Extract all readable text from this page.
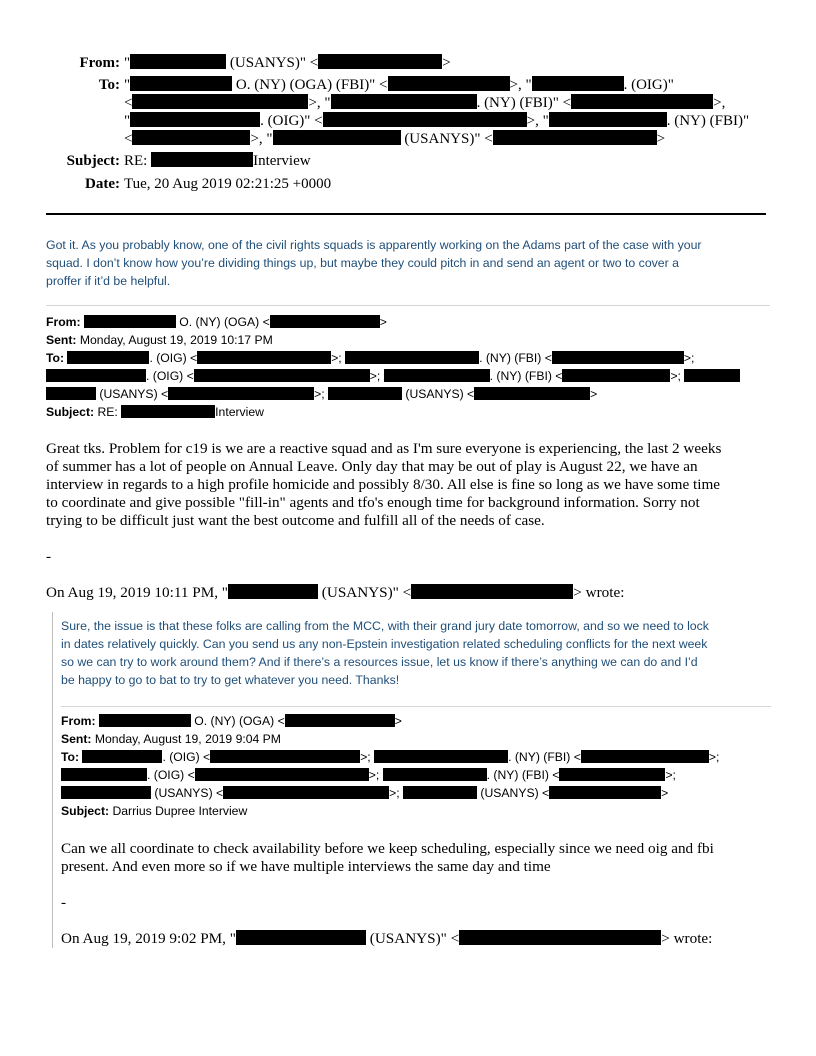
From: "	(USANYS)" <	>
To: "	O. (NY) (OGA) (FBI)" <	>, "	. (OIG)"
<	>, "	. (NY) (FBI)" <	>,
"	. (OIG)" <	>, "	. (NY) (FBI)"
<	>, "	(USANYS)" <	>
Subject: RE:	Interview
Date: Tue, 20 Aug 2019 02:21:25 +0000
Got it. As you probably know, one of the civil rights squads is apparently working on the Adams part of the case with your
squad. I don’t know how you’re dividing things up, but maybe they could pitch in and send an agent or two to cover a
proffer if it’d be helpful.
From:	O. (NY) (OGA) <	>
Sent: Monday, August 19, 2019 10:17 PM
To:	. (OIG) <	>;	. (NY) (FBI) <	>;
. (OIG) <	>;	. (NY) (FBI) <	>;
(USANYS) <	>;	(USANYS) <	>
Subject: RE:	Interview
Great tks. Problem for c19 is we are a reactive squad and as I'm sure everyone is experiencing, the last 2 weeks
of summer has a lot of people on Annual Leave. Only day that may be out of play is August 22, we have an
interview in regards to a high profile homicide and possibly 8/30. All else is fine so long as we have some time
to coordinate and give possible "fill-in" agents and tfo's enough time for background information. Sorry not
trying to be difficult just want the best outcome and fulfill all of the needs of case.
-
On Aug 19, 2019 10:11 PM, "	(USANYS)" <	> wrote:
Sure, the issue is that these folks are calling from the MCC, with their grand jury date tomorrow, and so we need to lock
in dates relatively quickly. Can you send us any non-Epstein investigation related scheduling conflicts for the next week
so we can try to work around them? And if there’s a resources issue, let us know if there’s anything we can do and I’d
be happy to go to bat to try to get whatever you need. Thanks!
From:	O. (NY) (OGA) <	>
Sent: Monday, August 19, 2019 9:04 PM
To:	. (OIG) <	>;	. (NY) (FBI) <	>;
. (OIG) <	>;	. (NY) (FBI) <	>;
(USANYS) <	>;	(USANYS) <	>
Subject: Darrius Dupree Interview
Can we all coordinate to check availability before we keep scheduling, especially since we need oig and fbi
present. And even more so if we have multiple interviews the same day and time
-
On Aug 19, 2019 9:02 PM, "	(USANYS)" <	> wrote:
